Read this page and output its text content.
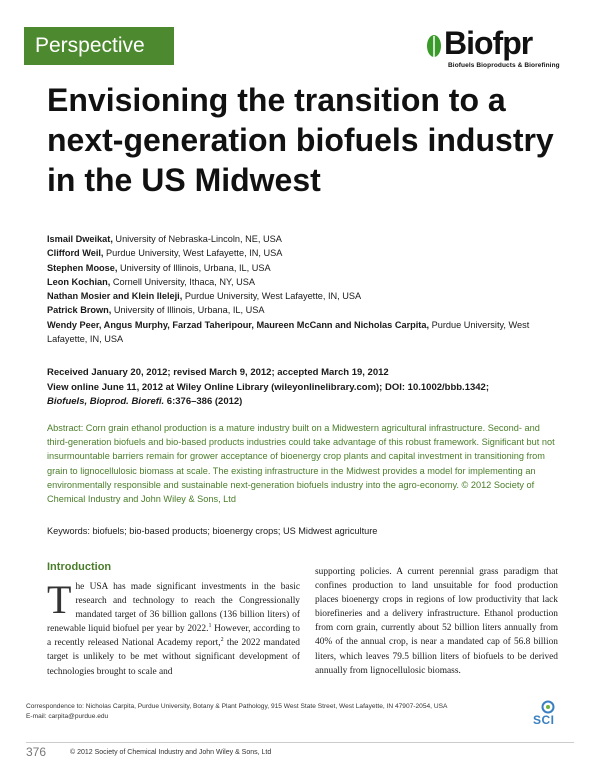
Perspective	Biofpr
Biofuels Bioproducts & Biorefining
Envisioning the transition to a next-generation biofuels industry in the US Midwest
Ismail Dweikat, University of Nebraska-Lincoln, NE, USA
Clifford Weil, Purdue University, West Lafayette, IN, USA
Stephen Moose, University of Illinois, Urbana, IL, USA
Leon Kochian, Cornell University, Ithaca, NY, USA
Nathan Mosier and Klein Ileleji, Purdue University, West Lafayette, IN, USA
Patrick Brown, University of Illinois, Urbana, IL, USA
Wendy Peer, Angus Murphy, Farzad Taheripour, Maureen McCann and Nicholas Carpita, Purdue University, West Lafayette, IN, USA
Received January 20, 2012; revised March 9, 2012; accepted March 19, 2012
View online June 11, 2012 at Wiley Online Library (wileyonlinelibrary.com); DOI: 10.1002/bbb.1342;
Biofuels, Bioprod. Biorefi. 6:376–386 (2012)
Abstract: Corn grain ethanol production is a mature industry built on a Midwestern agricultural infrastructure. Second- and third-generation biofuels and bio-based products industries could take advantage of this robust framework. Significant but not insurmountable barriers remain for grower acceptance of bioenergy crop plants and capital investment in transitioning from grain to lignocellulosic biomass at scale. The existing infrastructure in the Midwest provides a model for implementing an environmentally responsible and sustainable next-generation biofuels industry into the agro-economy. © 2012 Society of Chemical Industry and John Wiley & Sons, Ltd
Keywords: biofuels; bio-based products; bioenergy crops; US Midwest agriculture
Introduction
The USA has made significant investments in the basic research and technology to reach the Congressionally mandated target of 36 billion gallons (136 billion liters) of renewable liquid biofuel per year by 2022.$^1$ However, according to a recently released National Academy report,$^2$ the 2022 mandated target is unlikely to be met without significant development of technologies brought to scale and
supporting policies. A current perennial grass paradigm that confines production to land unsuitable for food production places bioenergy crops in regions of low productivity that lack biorefineries and a delivery infrastructure. Ethanol production from corn grain, currently about 52 billion liters annually from 40% of the annual crop, is near a mandated cap of 56.8 billion liters, which leaves 79.5 billion liters of biofuels to be derived annually from lignocellulosic biomass.
Correspondence to: Nicholas Carpita, Purdue University, Botany & Plant Pathology, 915 West State Street, West Lafayette, IN 47907-2054, USA
E-mail: carpita@purdue.edu	SCI
376	© 2012 Society of Chemical Industry and John Wiley & Sons, Ltd
